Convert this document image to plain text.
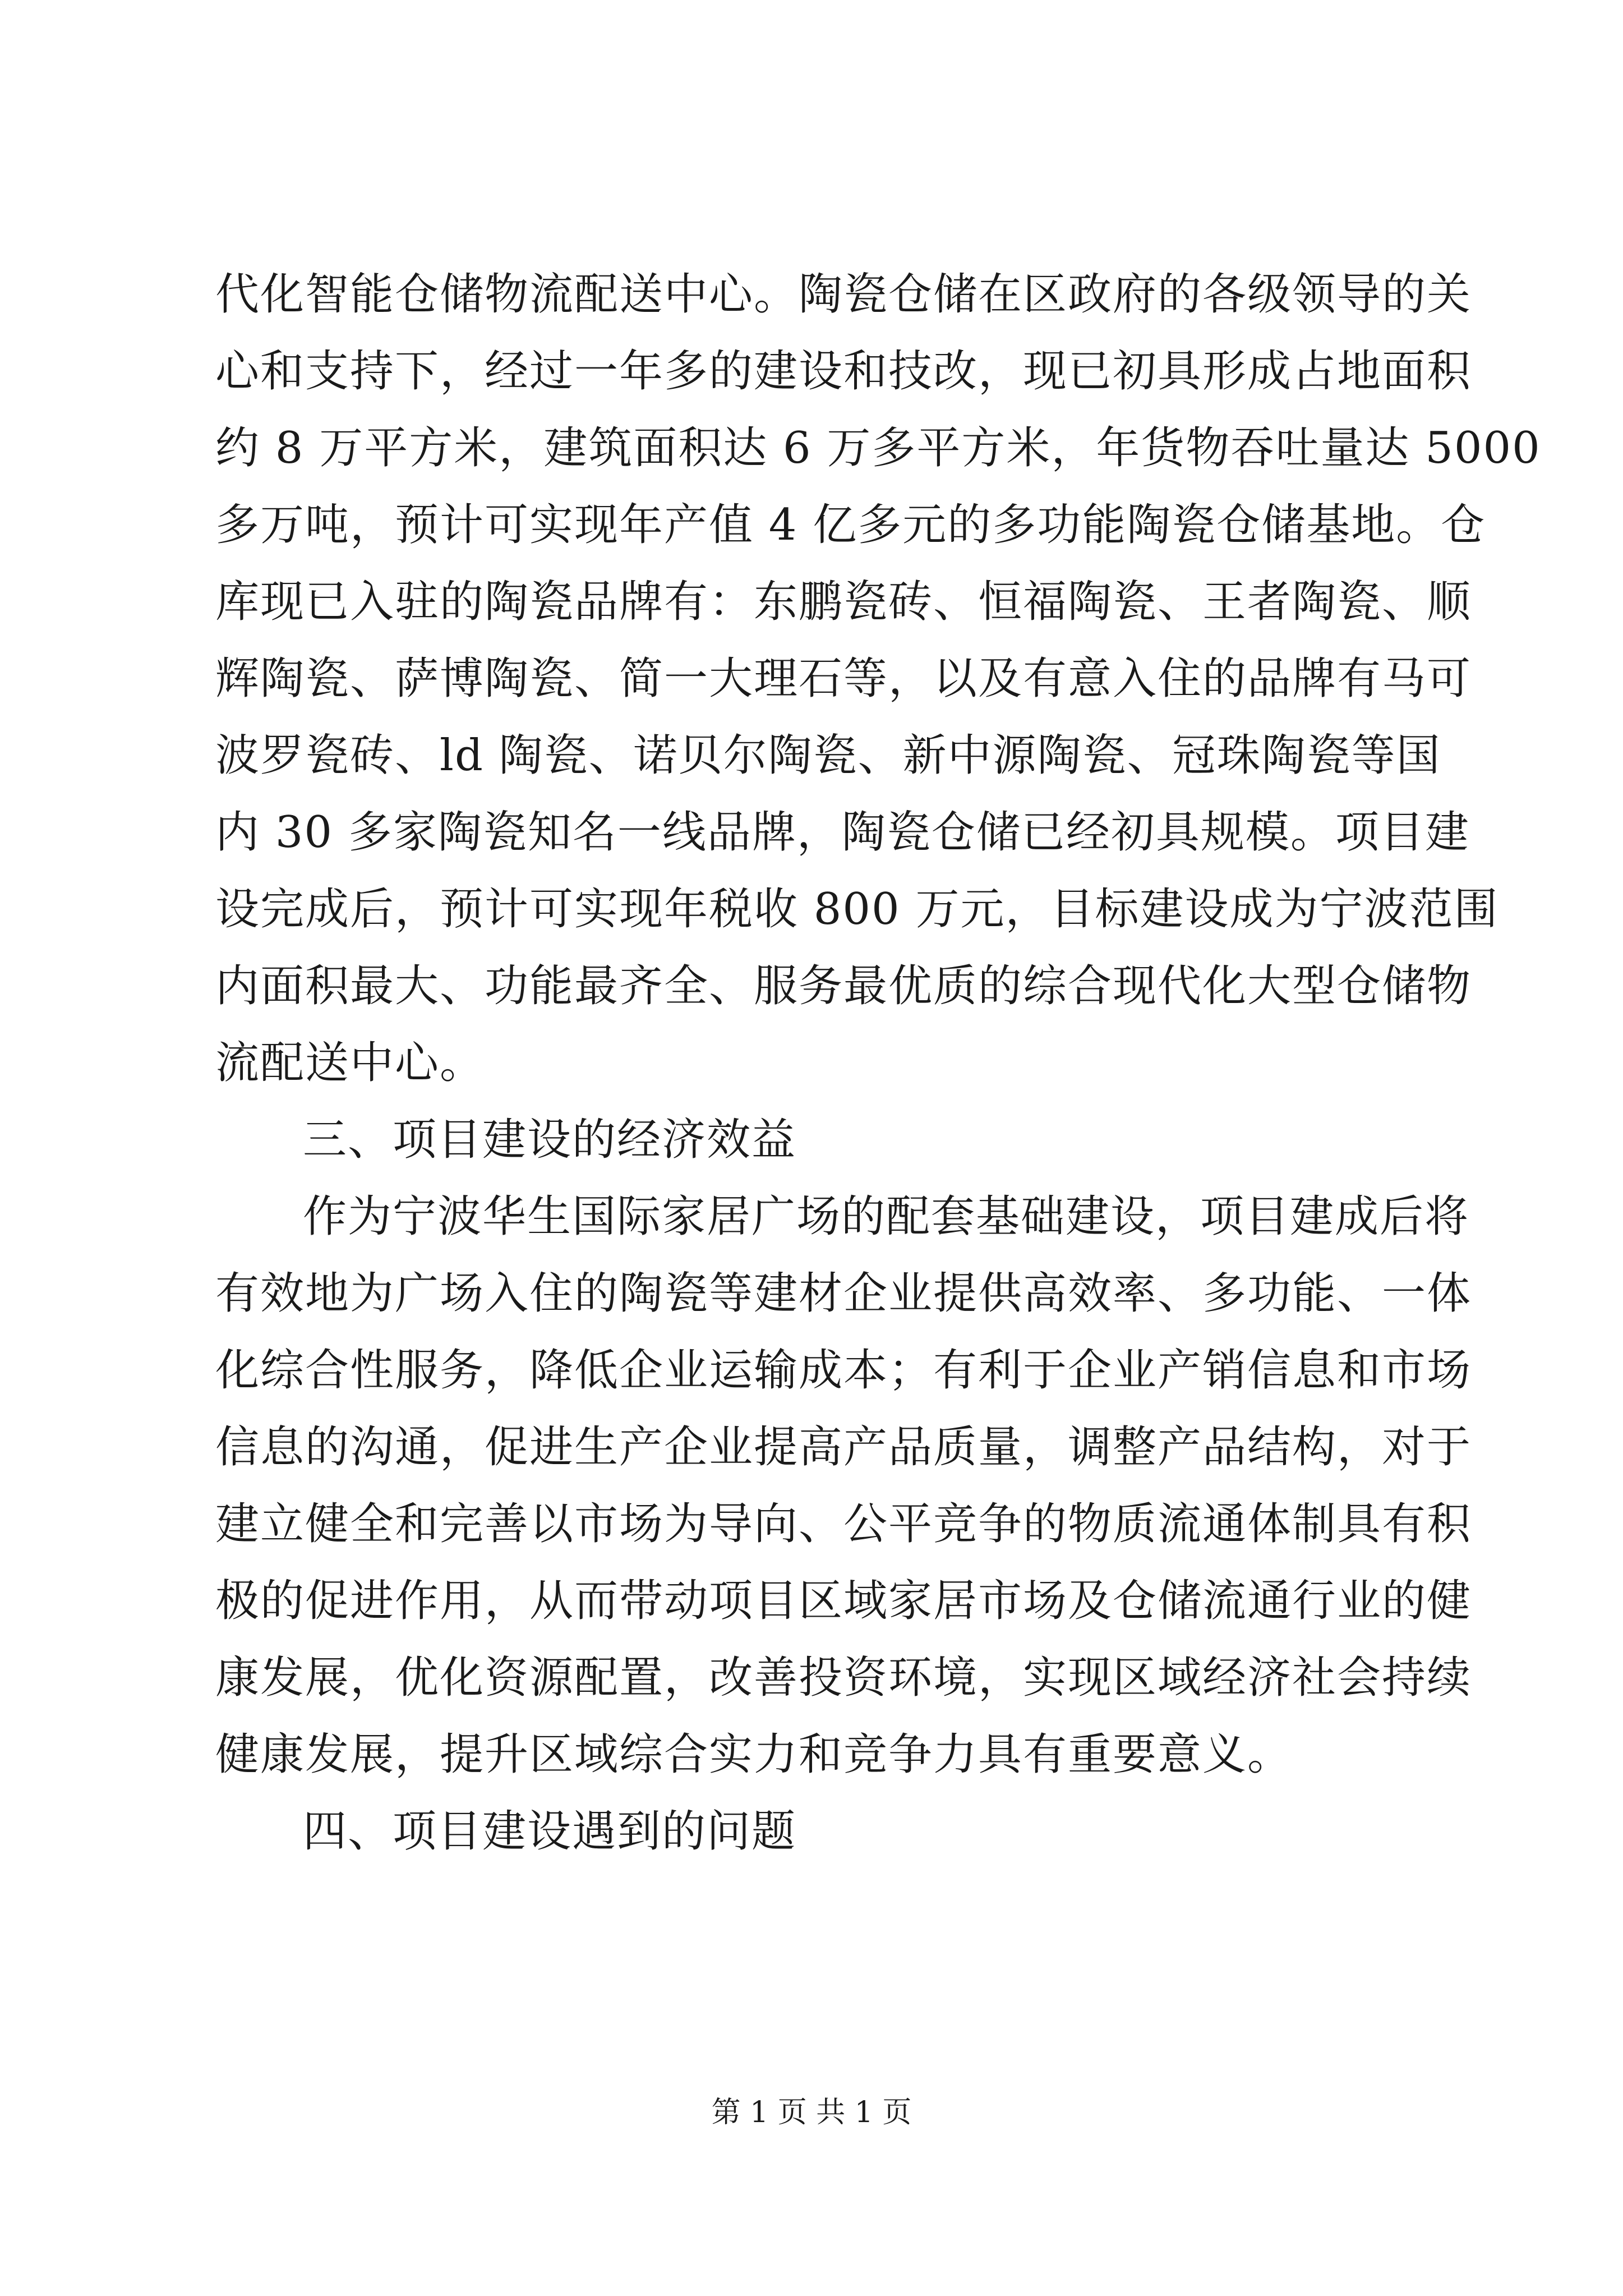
代化智能仓储物流配送中心。陶瓷仓储在区政府的各级领导的关
心和支持下，经过一年多的建设和技改，现已初具形成占地面积
约 8 万平方米，建筑面积达 6 万多平方米，年货物吞吐量达 5000
多万吨，预计可实现年产值 4 亿多元的多功能陶瓷仓储基地。仓
库现已入驻的陶瓷品牌有：东鹏瓷砖、恒福陶瓷、王者陶瓷、顺
辉陶瓷、萨博陶瓷、简一大理石等，以及有意入住的品牌有马可
波罗瓷砖、ld 陶瓷、诺贝尔陶瓷、新中源陶瓷、冠珠陶瓷等国
内 30 多家陶瓷知名一线品牌，陶瓷仓储已经初具规模。项目建
设完成后，预计可实现年税收 800 万元，目标建设成为宁波范围
内面积最大、功能最齐全、服务最优质的综合现代化大型仓储物
流配送中心。
三、项目建设的经济效益
作为宁波华生国际家居广场的配套基础建设，项目建成后将
有效地为广场入住的陶瓷等建材企业提供高效率、多功能、一体
化综合性服务，降低企业运输成本；有利于企业产销信息和市场
信息的沟通，促进生产企业提高产品质量，调整产品结构，对于
建立健全和完善以市场为导向、公平竞争的物质流通体制具有积
极的促进作用，从而带动项目区域家居市场及仓储流通行业的健
康发展，优化资源配置，改善投资环境，实现区域经济社会持续
健康发展，提升区域综合实力和竞争力具有重要意义。
四、项目建设遇到的问题
第 1 页 共 1 页
